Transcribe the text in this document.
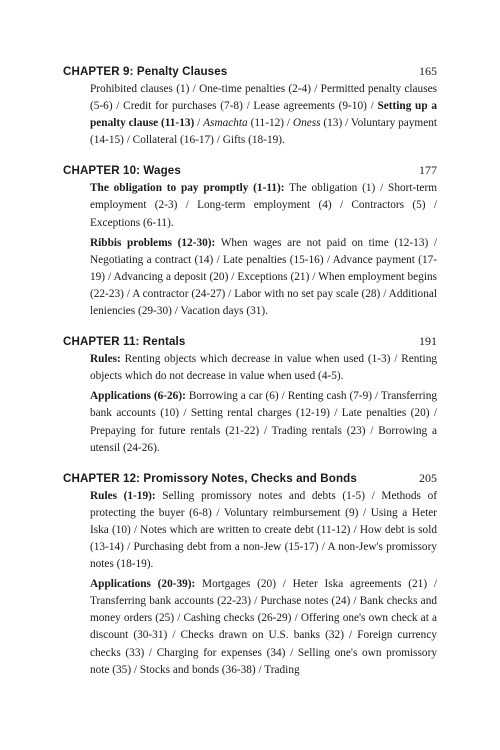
CHAPTER 9: Penalty Clauses	165
Prohibited clauses (1) / One-time penalties (2-4) / Permitted penalty clauses (5-6) / Credit for purchases (7-8) / Lease agreements (9-10) / Setting up a penalty clause (11-13) / Asmachta (11-12) / Oness (13) / Voluntary payment (14-15) / Collateral (16-17) / Gifts (18-19).
CHAPTER 10: Wages	177
The obligation to pay promptly (1-11): The obligation (1) / Short-term employment (2-3) / Long-term employment (4) / Contractors (5) / Exceptions (6-11).
Ribbis problems (12-30): When wages are not paid on time (12-13) / Negotiating a contract (14) / Late penalties (15-16) / Advance payment (17-19) / Advancing a deposit (20) / Exceptions (21) / When employment begins (22-23) / A contractor (24-27) / Labor with no set pay scale (28) / Additional leniencies (29-30) / Vacation days (31).
CHAPTER 11: Rentals	191
Rules: Renting objects which decrease in value when used (1-3) / Renting objects which do not decrease in value when used (4-5).
Applications (6-26): Borrowing a car (6) / Renting cash (7-9) / Transferring bank accounts (10) / Setting rental charges (12-19) / Late penalties (20) / Prepaying for future rentals (21-22) / Trading rentals (23) / Borrowing a utensil (24-26).
CHAPTER 12: Promissory Notes, Checks and Bonds	205
Rules (1-19): Selling promissory notes and debts (1-5) / Methods of protecting the buyer (6-8) / Voluntary reimbursement (9) / Using a Heter Iska (10) / Notes which are written to create debt (11-12) / How debt is sold (13-14) / Purchasing debt from a non-Jew (15-17) / A non-Jew's promissory notes (18-19).
Applications (20-39): Mortgages (20) / Heter Iska agreements (21) / Transferring bank accounts (22-23) / Purchase notes (24) / Bank checks and money orders (25) / Cashing checks (26-29) / Offering one's own check at a discount (30-31) / Checks drawn on U.S. banks (32) / Foreign currency checks (33) / Charging for expenses (34) / Selling one's own promissory note (35) / Stocks and bonds (36-38) / Trading
